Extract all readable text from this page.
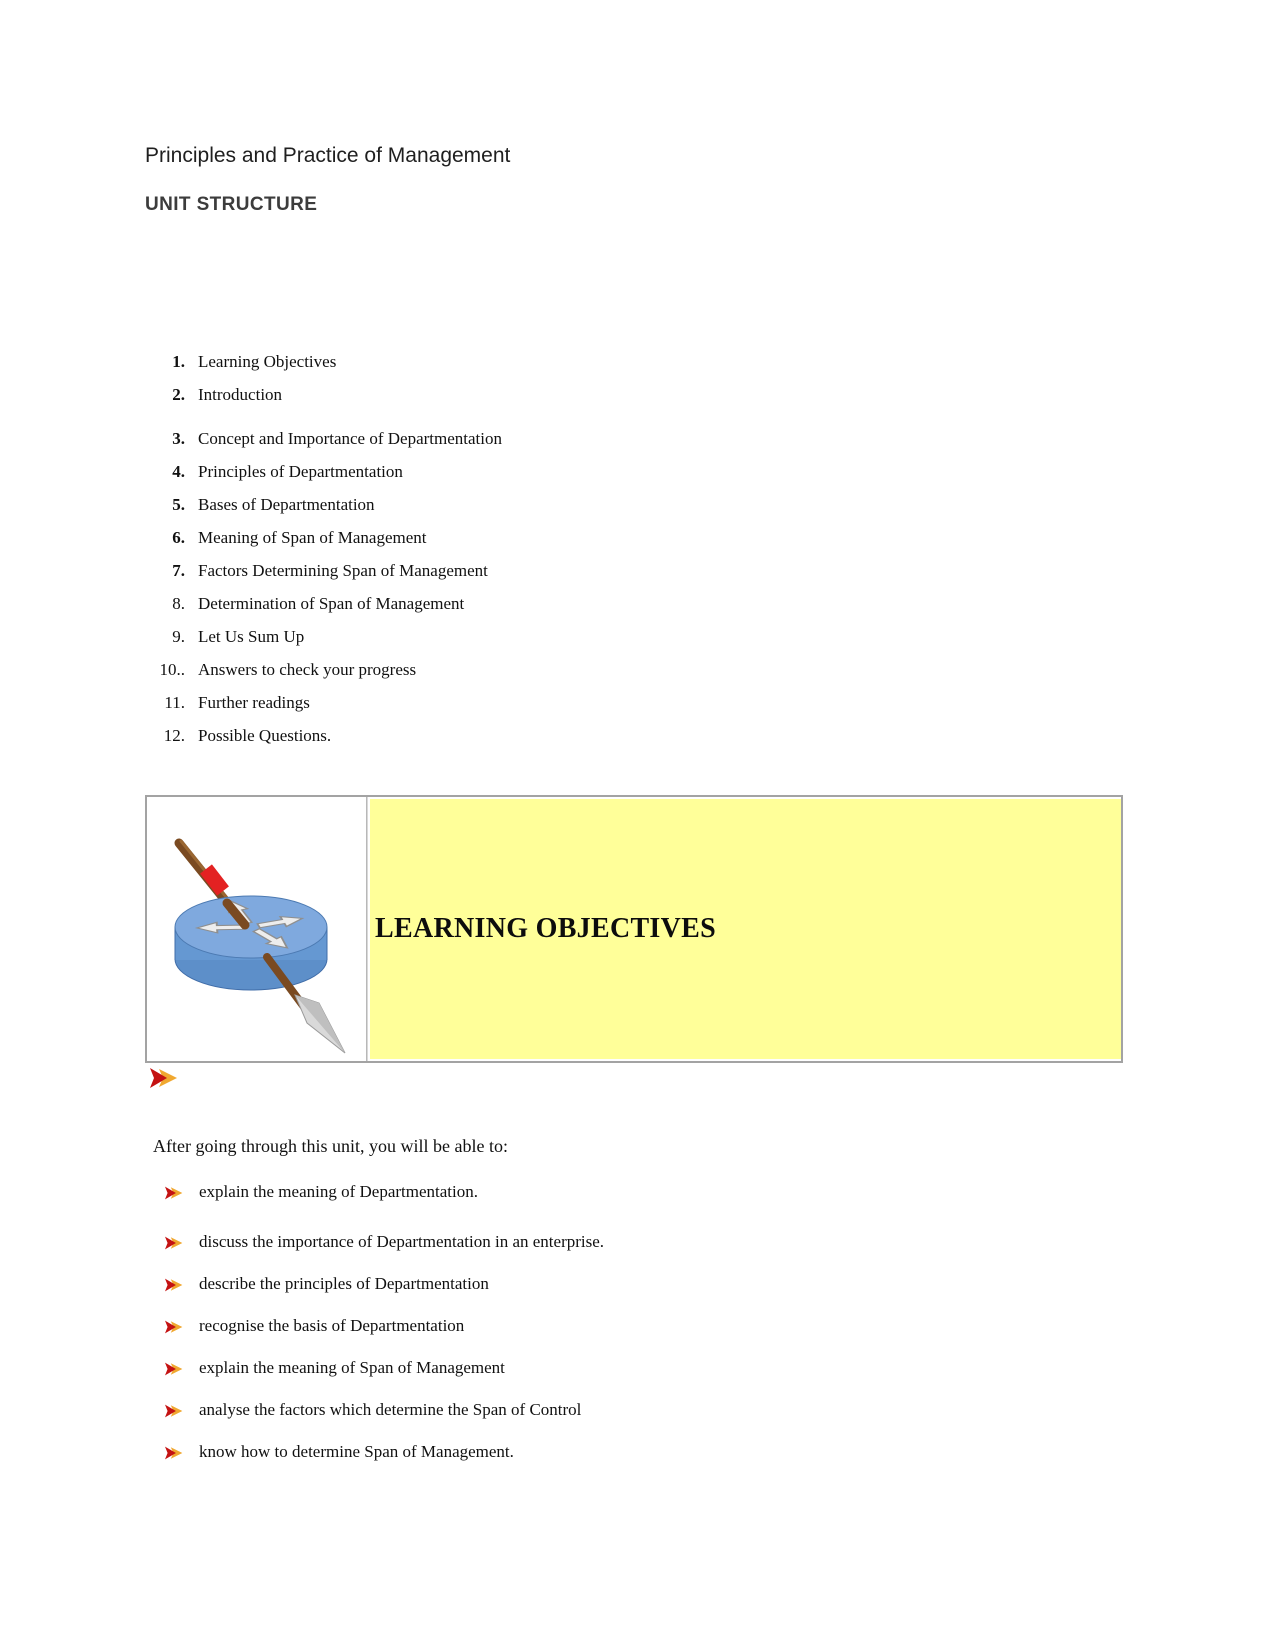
Principles and Practice of Management
UNIT STRUCTURE
1. Learning Objectives
2. Introduction
3. Concept and Importance of Departmentation
4. Principles of Departmentation
5. Bases of Departmentation
6. Meaning of Span of Management
7. Factors Determining Span of Management
8. Determination of Span of Management
9. Let Us Sum Up
10.. Answers to check your progress
11. Further readings
12. Possible Questions.
LEARNING OBJECTIVES
After going through this unit, you will be able to:
explain the meaning of Departmentation.
discuss the importance of Departmentation in an enterprise.
describe the principles of Departmentation
recognise the basis of Departmentation
explain the meaning of Span of Management
analyse the factors which determine the Span of Control
know how to determine Span of Management.
